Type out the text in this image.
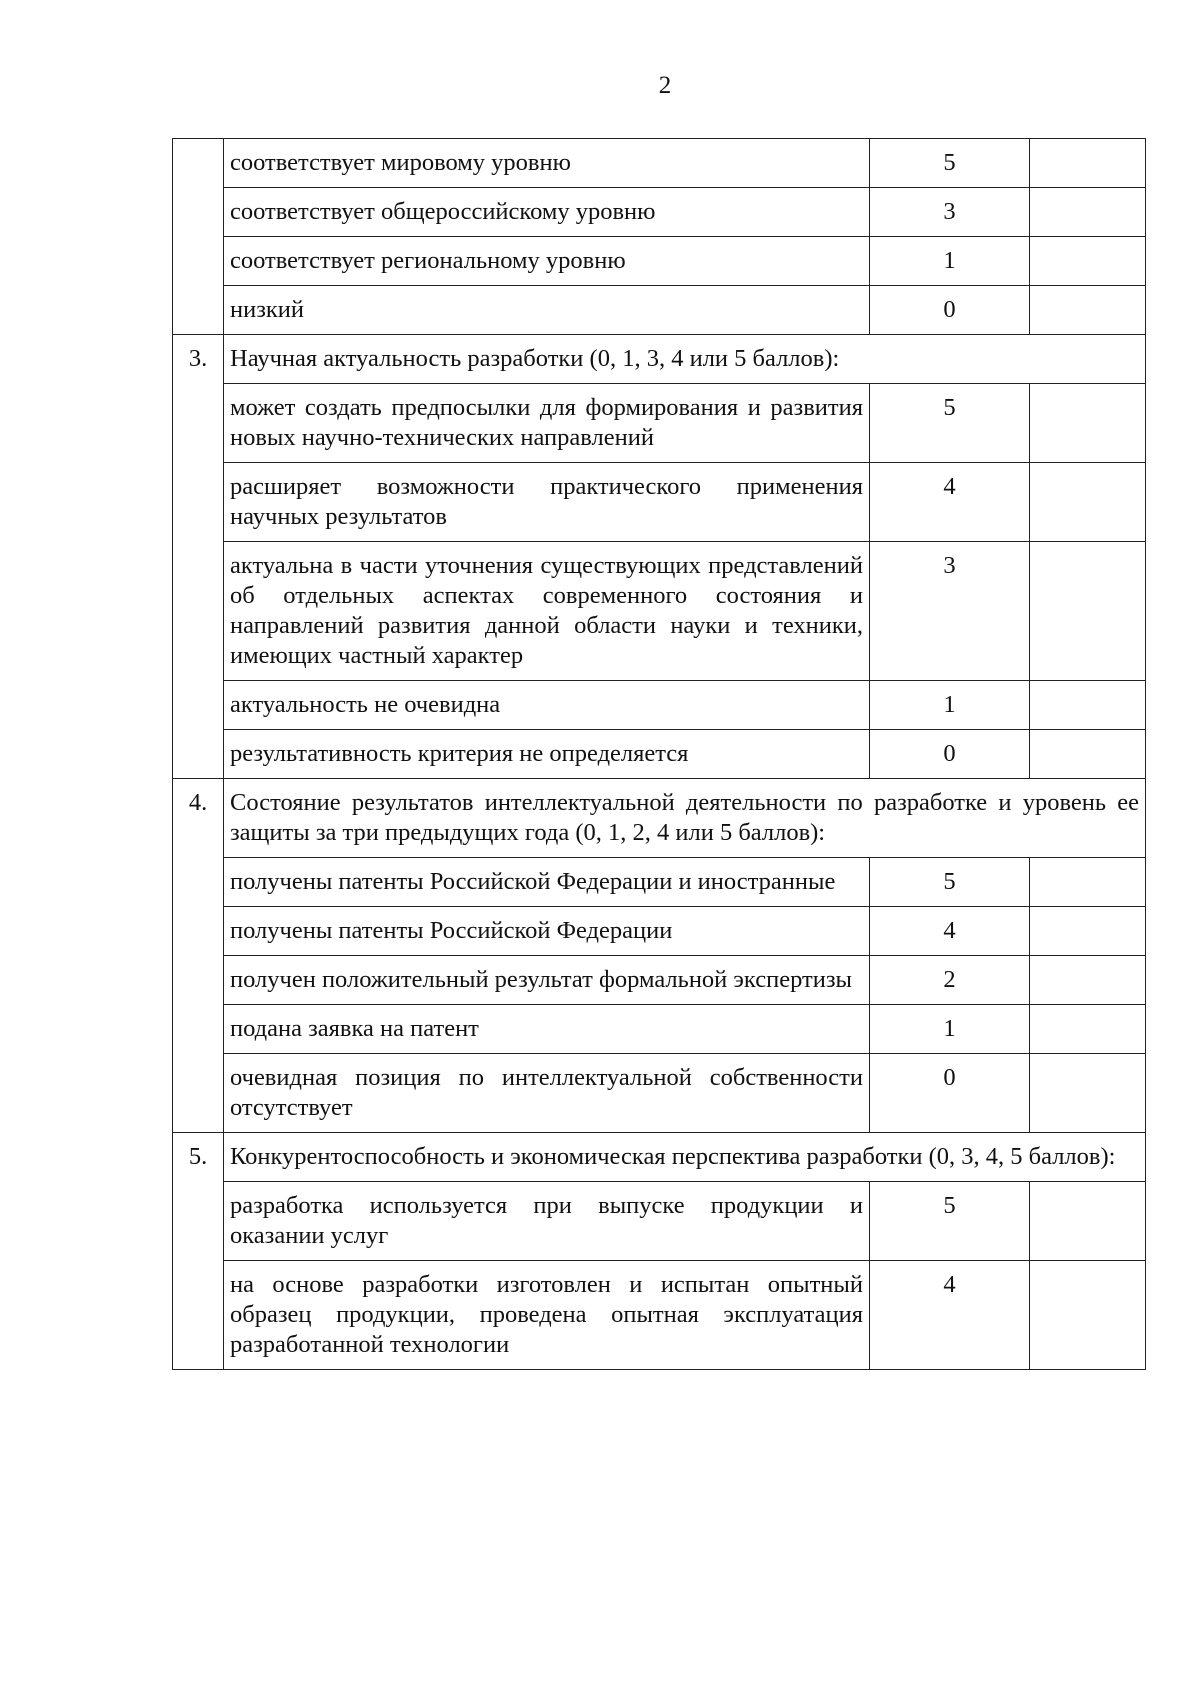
2
	соответствует мировому уровню	5	
	соответствует общероссийскому уровню	3	
	соответствует региональному уровню	1	
	низкий	0	
3.	Научная актуальность разработки (0, 1, 3, 4 или 5 баллов):		
	может создать предпосылки для формирования и развития новых научно-технических направлений	5	
	расширяет возможности практического применения научных результатов	4	
	актуальна в части уточнения существующих представлений об отдельных аспектах современного состояния и направлений развития данной области науки и техники, имеющих частный характер	3	
	актуальность не очевидна	1	
	результативность критерия не определяется	0	
4.	Состояние результатов интеллектуальной деятельности по разработке и уровень ее защиты за три предыдущих года (0, 1, 2, 4 или 5 баллов):		
	получены патенты Российской Федерации и иностранные	5	
	получены патенты Российской Федерации	4	
	получен положительный результат формальной экспертизы	2	
	подана заявка на патент	1	
	очевидная позиция по интеллектуальной собственности отсутствует	0	
5.	Конкурентоспособность и экономическая перспектива разработки (0, 3, 4, 5 баллов):		
	разработка используется при выпуске продукции и оказании услуг	5	
	на основе разработки изготовлен и испытан опытный образец продукции, проведена опытная эксплуатация разработанной технологии	4	
